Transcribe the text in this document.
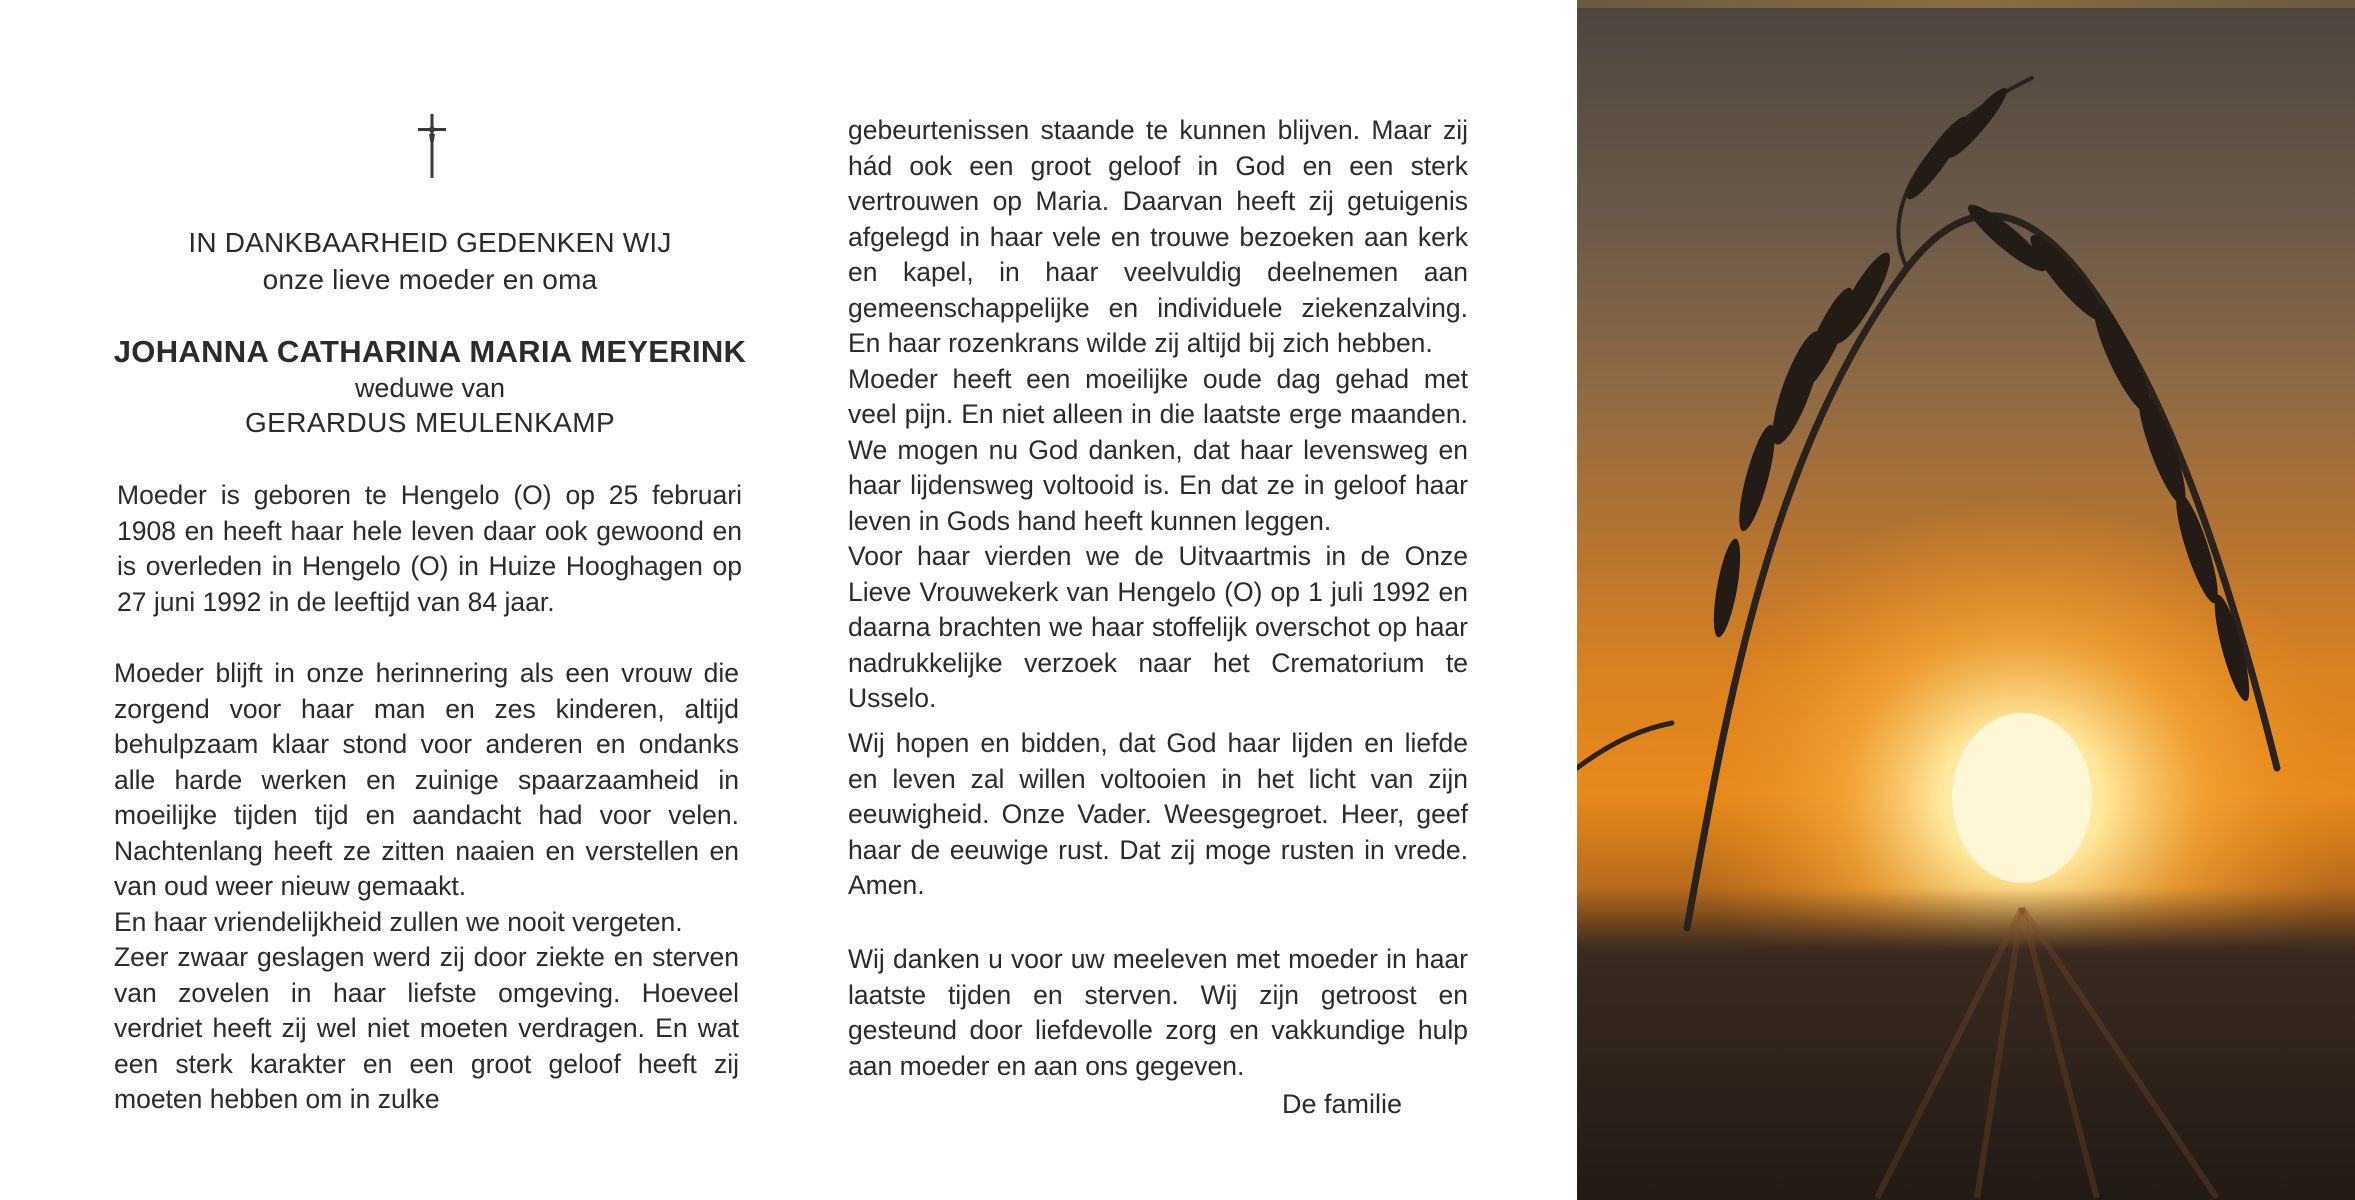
IN DANKBAARHEID GEDENKEN WIJ
onze lieve moeder en oma
JOHANNA CATHARINA MARIA MEYERINK
weduwe van
GERARDUS MEULENKAMP

Moeder is geboren te Hengelo (O) op 25 februari 1908 en heeft haar hele leven daar ook gewoond en is overleden in Hengelo (O) in Huize Hooghagen op 27 juni 1992 in de leeftijd van 84 jaar.

Moeder blijft in onze herinnering als een vrouw die zorgend voor haar man en zes kinderen, altijd behulpzaam klaar stond voor anderen en ondanks alle harde werken en zuinige spaarzaamheid in moeilijke tijden tijd en aandacht had voor velen. Nachtenlang heeft ze zitten naaien en verstellen en van oud weer nieuw gemaakt.

En haar vriendelijkheid zullen we nooit vergeten.

Zeer zwaar geslagen werd zij door ziekte en sterven van zovelen in haar liefste omgeving. Hoeveel verdriet heeft zij wel niet moeten verdragen. En wat een sterk karakter en een groot geloof heeft zij moeten hebben om in zulke

gebeurtenissen staande te kunnen blijven. Maar zij hád ook een groot geloof in God en een sterk vertrouwen op Maria. Daarvan heeft zij getuigenis afgelegd in haar vele en trouwe bezoeken aan kerk en kapel, in haar veelvuldig deelnemen aan gemeenschappelijke en individuele ziekenzalving. En haar rozenkrans wilde zij altijd bij zich hebben.

Moeder heeft een moeilijke oude dag gehad met veel pijn. En niet alleen in die laatste erge maanden. We mogen nu God danken, dat haar levensweg en haar lijdensweg voltooid is. En dat ze in geloof haar leven in Gods hand heeft kunnen leggen.

Voor haar vierden we de Uitvaartmis in de Onze Lieve Vrouwekerk van Hengelo (O) op 1 juli 1992 en daarna brachten we haar stoffelijk overschot op haar nadrukkelijke verzoek naar het Crematorium te Usselo.

Wij hopen en bidden, dat God haar lijden en liefde en leven zal willen voltooien in het licht van zijn eeuwigheid. Onze Vader. Weesgegroet. Heer, geef haar de eeuwige rust. Dat zij moge rusten in vrede. Amen.

Wij danken u voor uw meeleven met moeder in haar laatste tijden en sterven. Wij zijn getroost en gesteund door liefdevolle zorg en vakkundige hulp aan moeder en aan ons gegeven.

De familie
